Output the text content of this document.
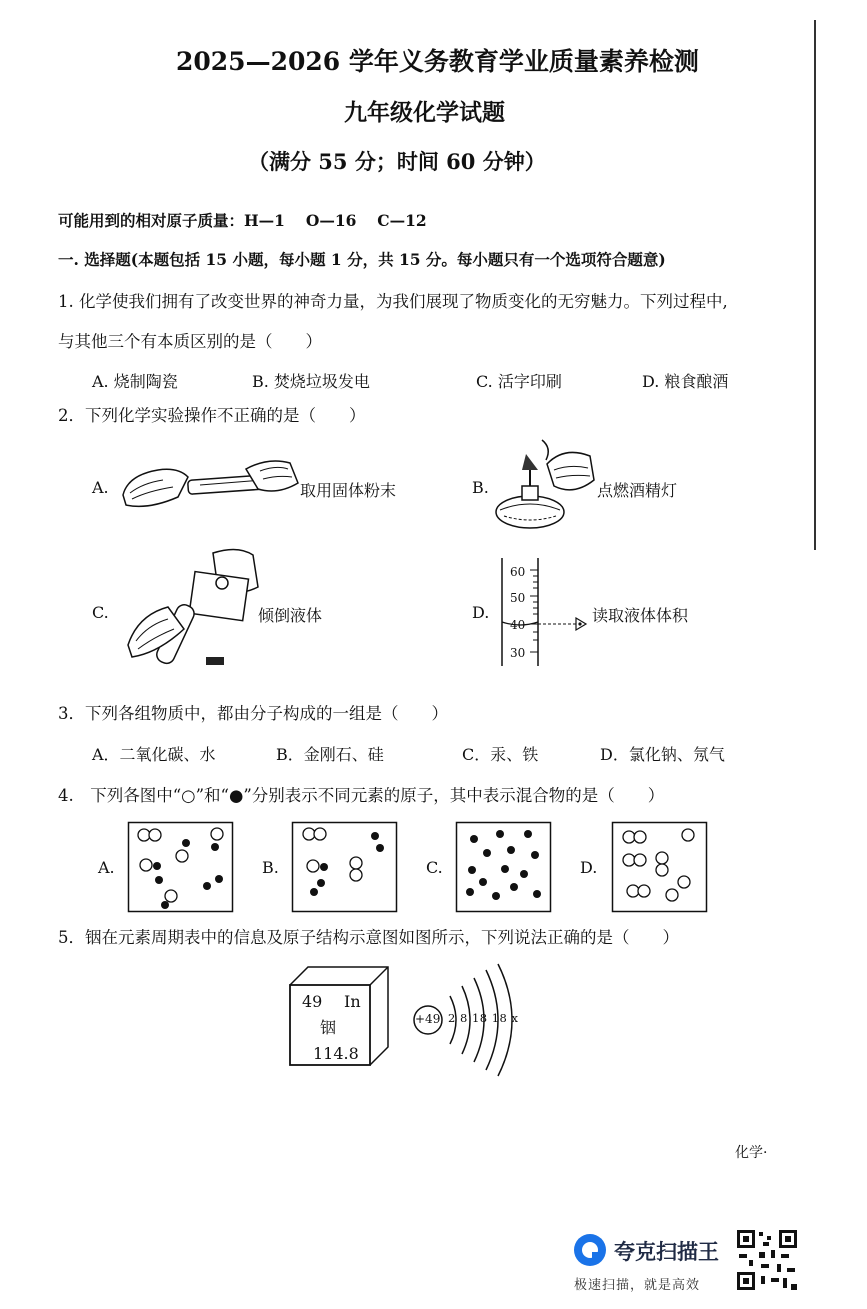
2025—2026 学年义务教育学业质量素养检测
九年级化学试题
（满分 55 分；时间 60 分钟）
可能用到的相对原子质量：H—1　 O—16　 C—12
一. 选择题(本题包括 15 小题，每小题 1 分，共 15 分。每小题只有一个选项符合题意)
1. 化学使我们拥有了改变世界的神奇力量，为我们展现了物质变化的无穷魅力。下列过程中,
与其他三个有本质区别的是（　　）
A. 烧制陶瓷	B. 焚烧垃圾发电	C. 活字印刷	D. 粮食酿酒
2．下列化学实验操作不正确的是（　　）
A.	取用固体粉末	B.	点燃酒精灯
C.	倾倒液体	D.
60
50
40
30
读取液体体积
3．下列各组物质中，都由分子构成的一组是（　　）
A．二氧化碳、水	B．金刚石、硅	C．汞、铁	D．氯化钠、氖气
4.　下列各图中“○”和“●”分别表示不同元素的原子，其中表示混合物的是（　　）
A.	B.	C.	D.
5．铟在元素周期表中的信息及原子结构示意图如图所示，下列说法正确的是（　　）
49 In
铟
114.8
+49 2 8 18 18 x
化学·
夸克扫描王
极速扫描，就是高效
